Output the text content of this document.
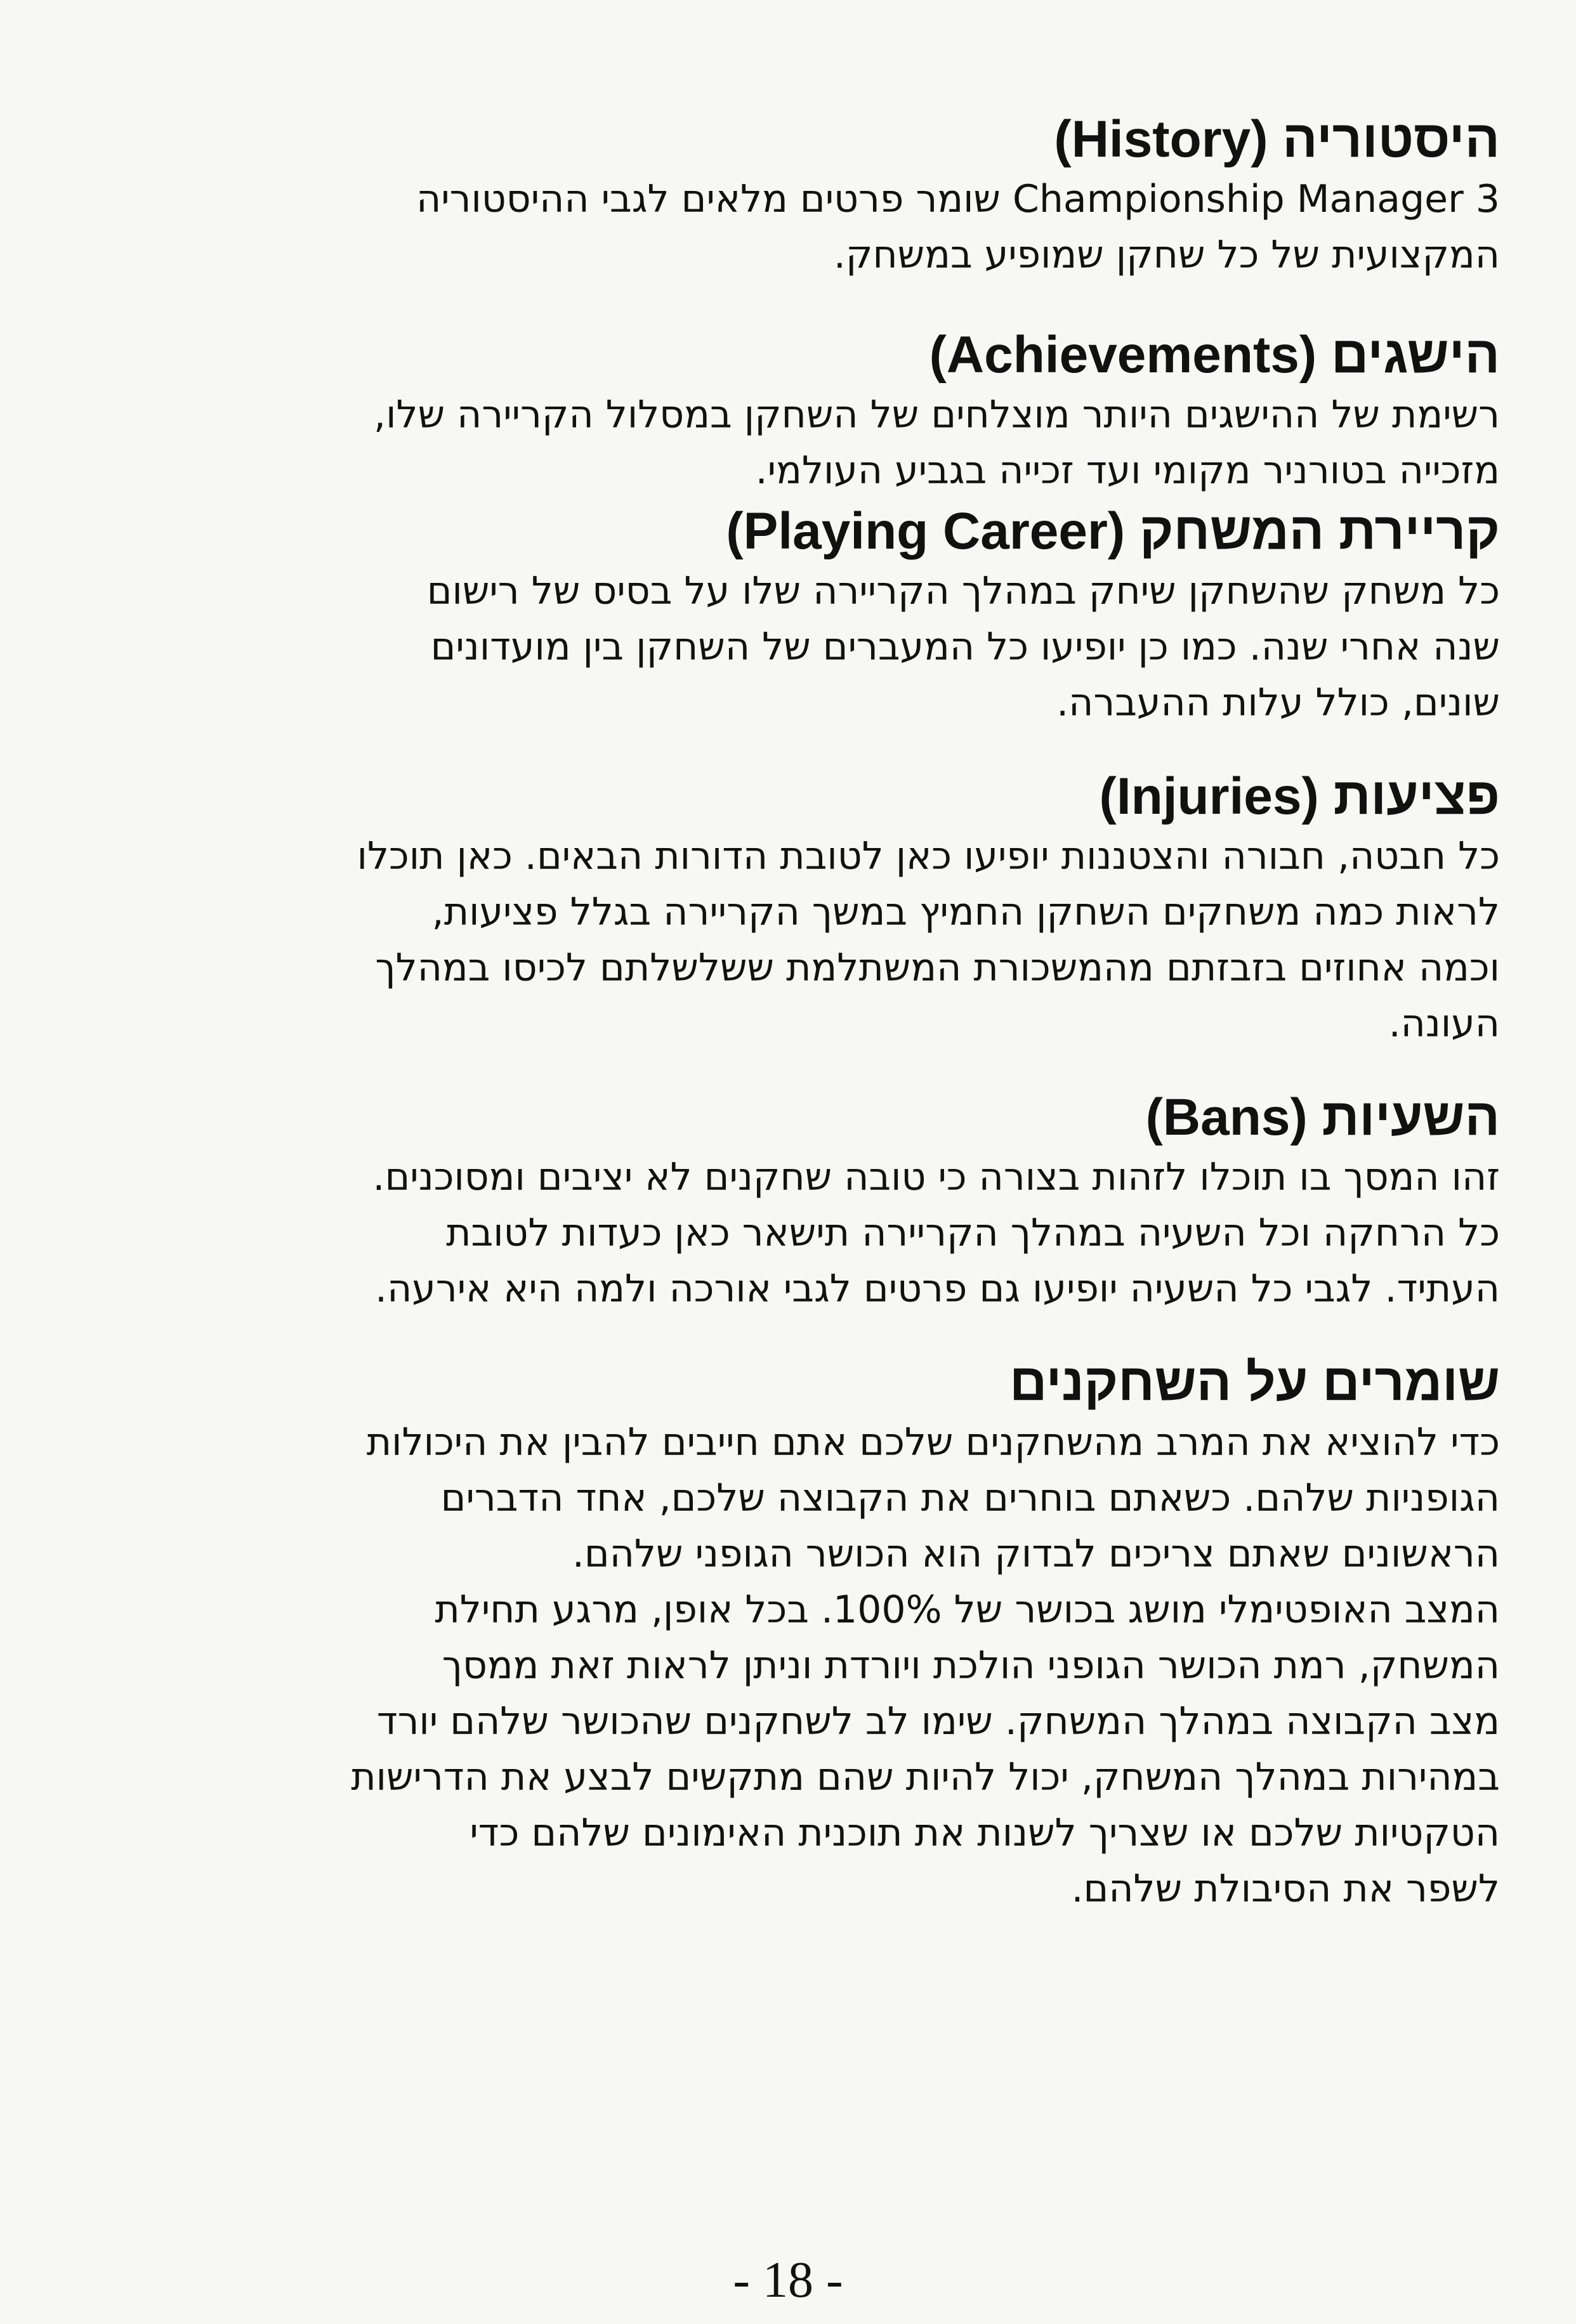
היסטוריה (History)

Championship Manager 3 שומר פרטים מלאים לגבי ההיסטוריה

המקצועית של כל שחקן שמופיע במשחק.

הישגים (Achievements)

רשימת של ההישגים היותר מוצלחים של השחקן במסלול הקריירה שלו,

מזכייה בטורניר מקומי ועד זכייה בגביע העולמי.

קריירת המשחק (Playing Career)

כל משחק שהשחקן שיחק במהלך הקריירה שלו על בסיס של רישום

שנה אחרי שנה. כמו כן יופיעו כל המעברים של השחקן בין מועדונים

שונים, כולל עלות ההעברה.

פציעות (Injuries)

כל חבטה, חבורה והצטננות יופיעו כאן לטובת הדורות הבאים. כאן תוכלו

לראות כמה משחקים השחקן החמיץ במשך הקריירה בגלל פציעות,

וכמה אחוזים בזבזתם מהמשכורת המשתלמת ששלשלתם לכיסו במהלך

העונה.

השעיות (Bans)

זהו המסך בו תוכלו לזהות בצורה כי טובה שחקנים לא יציבים ומסוכנים.

כל הרחקה וכל השעיה במהלך הקריירה תישאר כאן כעדות לטובת

העתיד. לגבי כל השעיה יופיעו גם פרטים לגבי אורכה ולמה היא אירעה.

שומרים על השחקנים

כדי להוציא את המרב מהשחקנים שלכם אתם חייבים להבין את היכולות

הגופניות שלהם. כשאתם בוחרים את הקבוצה שלכם, אחד הדברים

הראשונים שאתם צריכים לבדוק הוא הכושר הגופני שלהם.

המצב האופטימלי מושג בכושר של 100%. בכל אופן, מרגע תחילת

המשחק, רמת הכושר הגופני הולכת ויורדת וניתן לראות זאת ממסך

מצב הקבוצה במהלך המשחק. שימו לב לשחקנים שהכושר שלהם יורד

במהירות במהלך המשחק, יכול להיות שהם מתקשים לבצע את הדרישות

הטקטיות שלכם או שצריך לשנות את תוכנית האימונים שלהם כדי

לשפר את הסיבולת שלהם.

- 18 -
